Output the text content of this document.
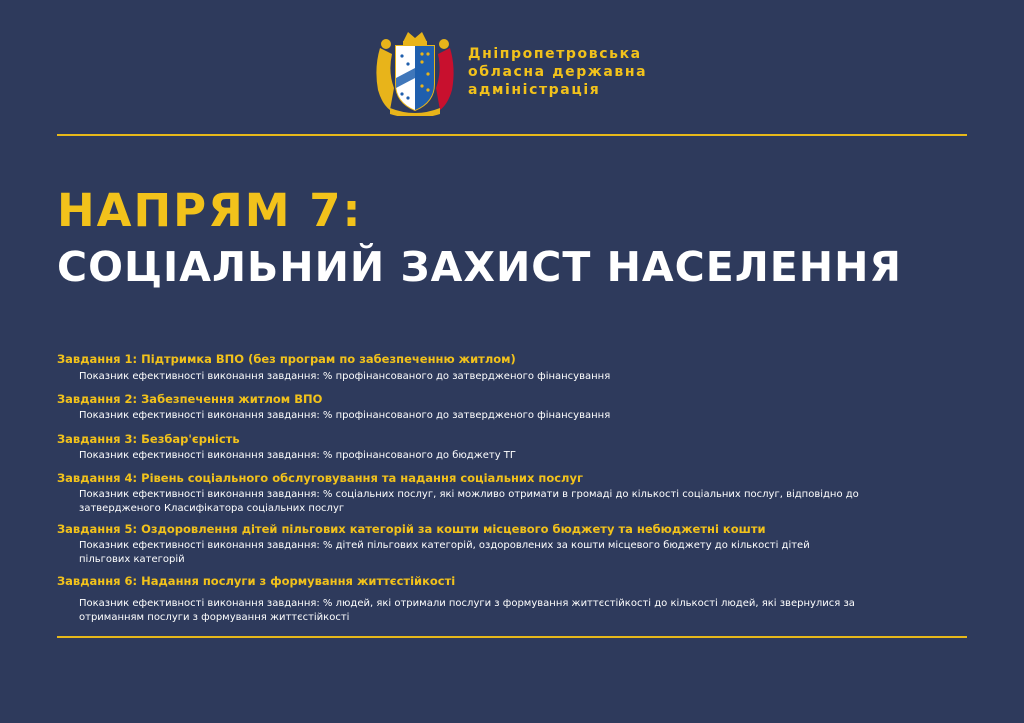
Дніпропетровська
обласна державна
адміністрація
НАПРЯМ 7:
СОЦІАЛЬНИЙ ЗАХИСТ НАСЕЛЕННЯ
Завдання 1: Підтримка ВПО (без програм по забезпеченню житлом)
Показник ефективності виконання завдання: % профінансованого до затвердженого фінансування
Завдання 2: Забезпечення житлом ВПО
Показник ефективності виконання завдання: % профінансованого до затвердженого фінансування
Завдання 3: Безбар'єрність
Показник ефективності виконання завдання: % профінансованого до бюджету ТГ
Завдання 4: Рівень соціального обслуговування та надання соціальних послуг
Показник ефективності виконання завдання: % соціальних послуг, які можливо отримати в громаді до кількості соціальних послуг, відповідно до затвердженого Класифікатора соціальних послуг
Завдання 5: Оздоровлення дітей пільгових категорій за кошти місцевого бюджету та небюджетні кошти
Показник ефективності виконання завдання: % дітей пільгових категорій, оздоровлених за кошти місцевого бюджету до кількості дітей пільгових категорій
Завдання 6: Надання послуги з формування життєстійкості
Показник ефективності виконання завдання: % людей, які отримали послуги з формування життєстійкості до кількості людей, які звернулися за отриманням послуги з формування життєстійкості
